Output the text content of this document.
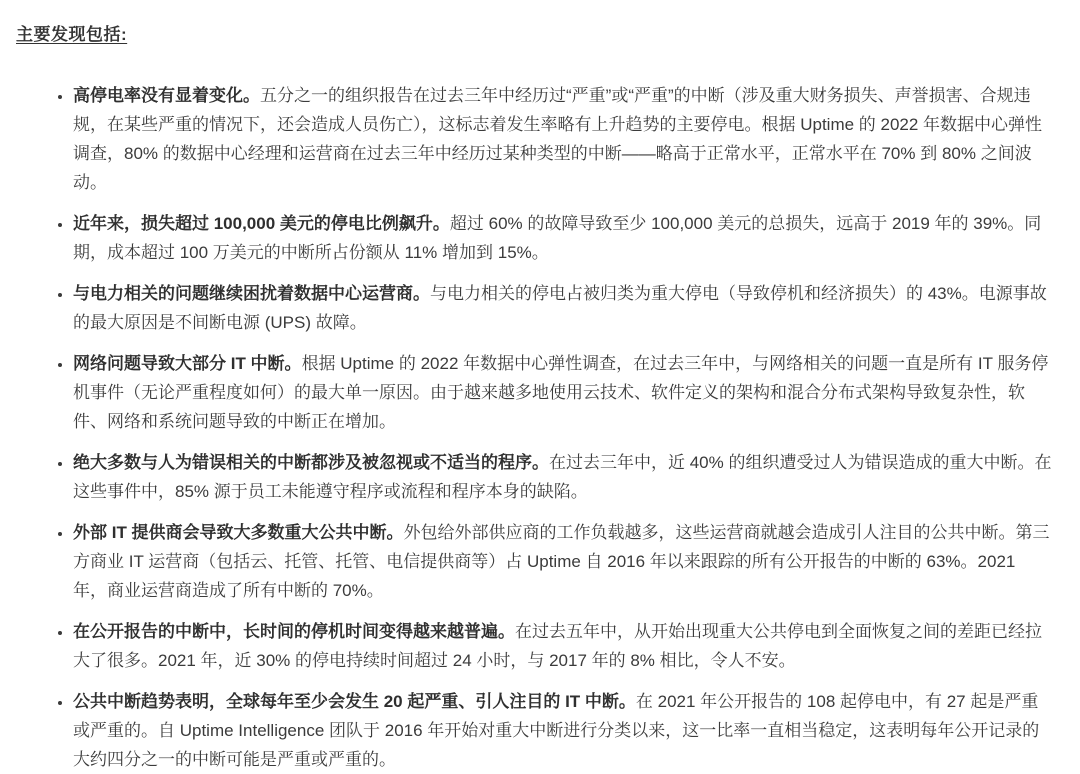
主要发现包括:
• 高停电率没有显着变化。五分之一的组织报告在过去三年中经历过“严重”或“严重”的中断（涉及重大财务损失、声誉损害、合规违规，在某些严重的情况下，还会造成人员伤亡），这标志着发生率略有上升趋势的主要停电。根据 Uptime 的 2022 年数据中心弹性调查，80% 的数据中心经理和运营商在过去三年中经历过某种类型的中断——略高于正常水平，正常水平在 70% 到 80% 之间波动。
• 近年来，损失超过 100,000 美元的停电比例飙升。超过 60% 的故障导致至少 100,000 美元的总损失，远高于 2019 年的 39%。同期，成本超过 100 万美元的中断所占份额从 11% 增加到 15%。
• 与电力相关的问题继续困扰着数据中心运营商。与电力相关的停电占被归类为重大停电（导致停机和经济损失）的 43%。电源事故的最大原因是不间断电源 (UPS) 故障。
• 网络问题导致大部分 IT 中断。根据 Uptime 的 2022 年数据中心弹性调查，在过去三年中，与网络相关的问题一直是所有 IT 服务停机事件（无论严重程度如何）的最大单一原因。由于越来越多地使用云技术、软件定义的架构和混合分布式架构导致复杂性，软件、网络和系统问题导致的中断正在增加。
• 绝大多数与人为错误相关的中断都涉及被忽视或不适当的程序。在过去三年中，近 40% 的组织遭受过人为错误造成的重大中断。在这些事件中，85% 源于员工未能遵守程序或流程和程序本身的缺陷。
• 外部 IT 提供商会导致大多数重大公共中断。外包给外部供应商的工作负载越多，这些运营商就越会造成引人注目的公共中断。第三方商业 IT 运营商（包括云、托管、托管、电信提供商等）占 Uptime 自 2016 年以来跟踪的所有公开报告的中断的 63%。2021 年，商业运营商造成了所有中断的 70%。
• 在公开报告的中断中，长时间的停机时间变得越来越普遍。在过去五年中，从开始出现重大公共停电到全面恢复之间的差距已经拉大了很多。2021 年，近 30% 的停电持续时间超过 24 小时，与 2017 年的 8% 相比，令人不安。
• 公共中断趋势表明，全球每年至少会发生 20 起严重、引人注目的 IT 中断。在 2021 年公开报告的 108 起停电中，有 27 起是严重或严重的。自 Uptime Intelligence 团队于 2016 年开始对重大中断进行分类以来，这一比率一直相当稳定，这表明每年公开记录的大约四分之一的中断可能是严重或严重的。
